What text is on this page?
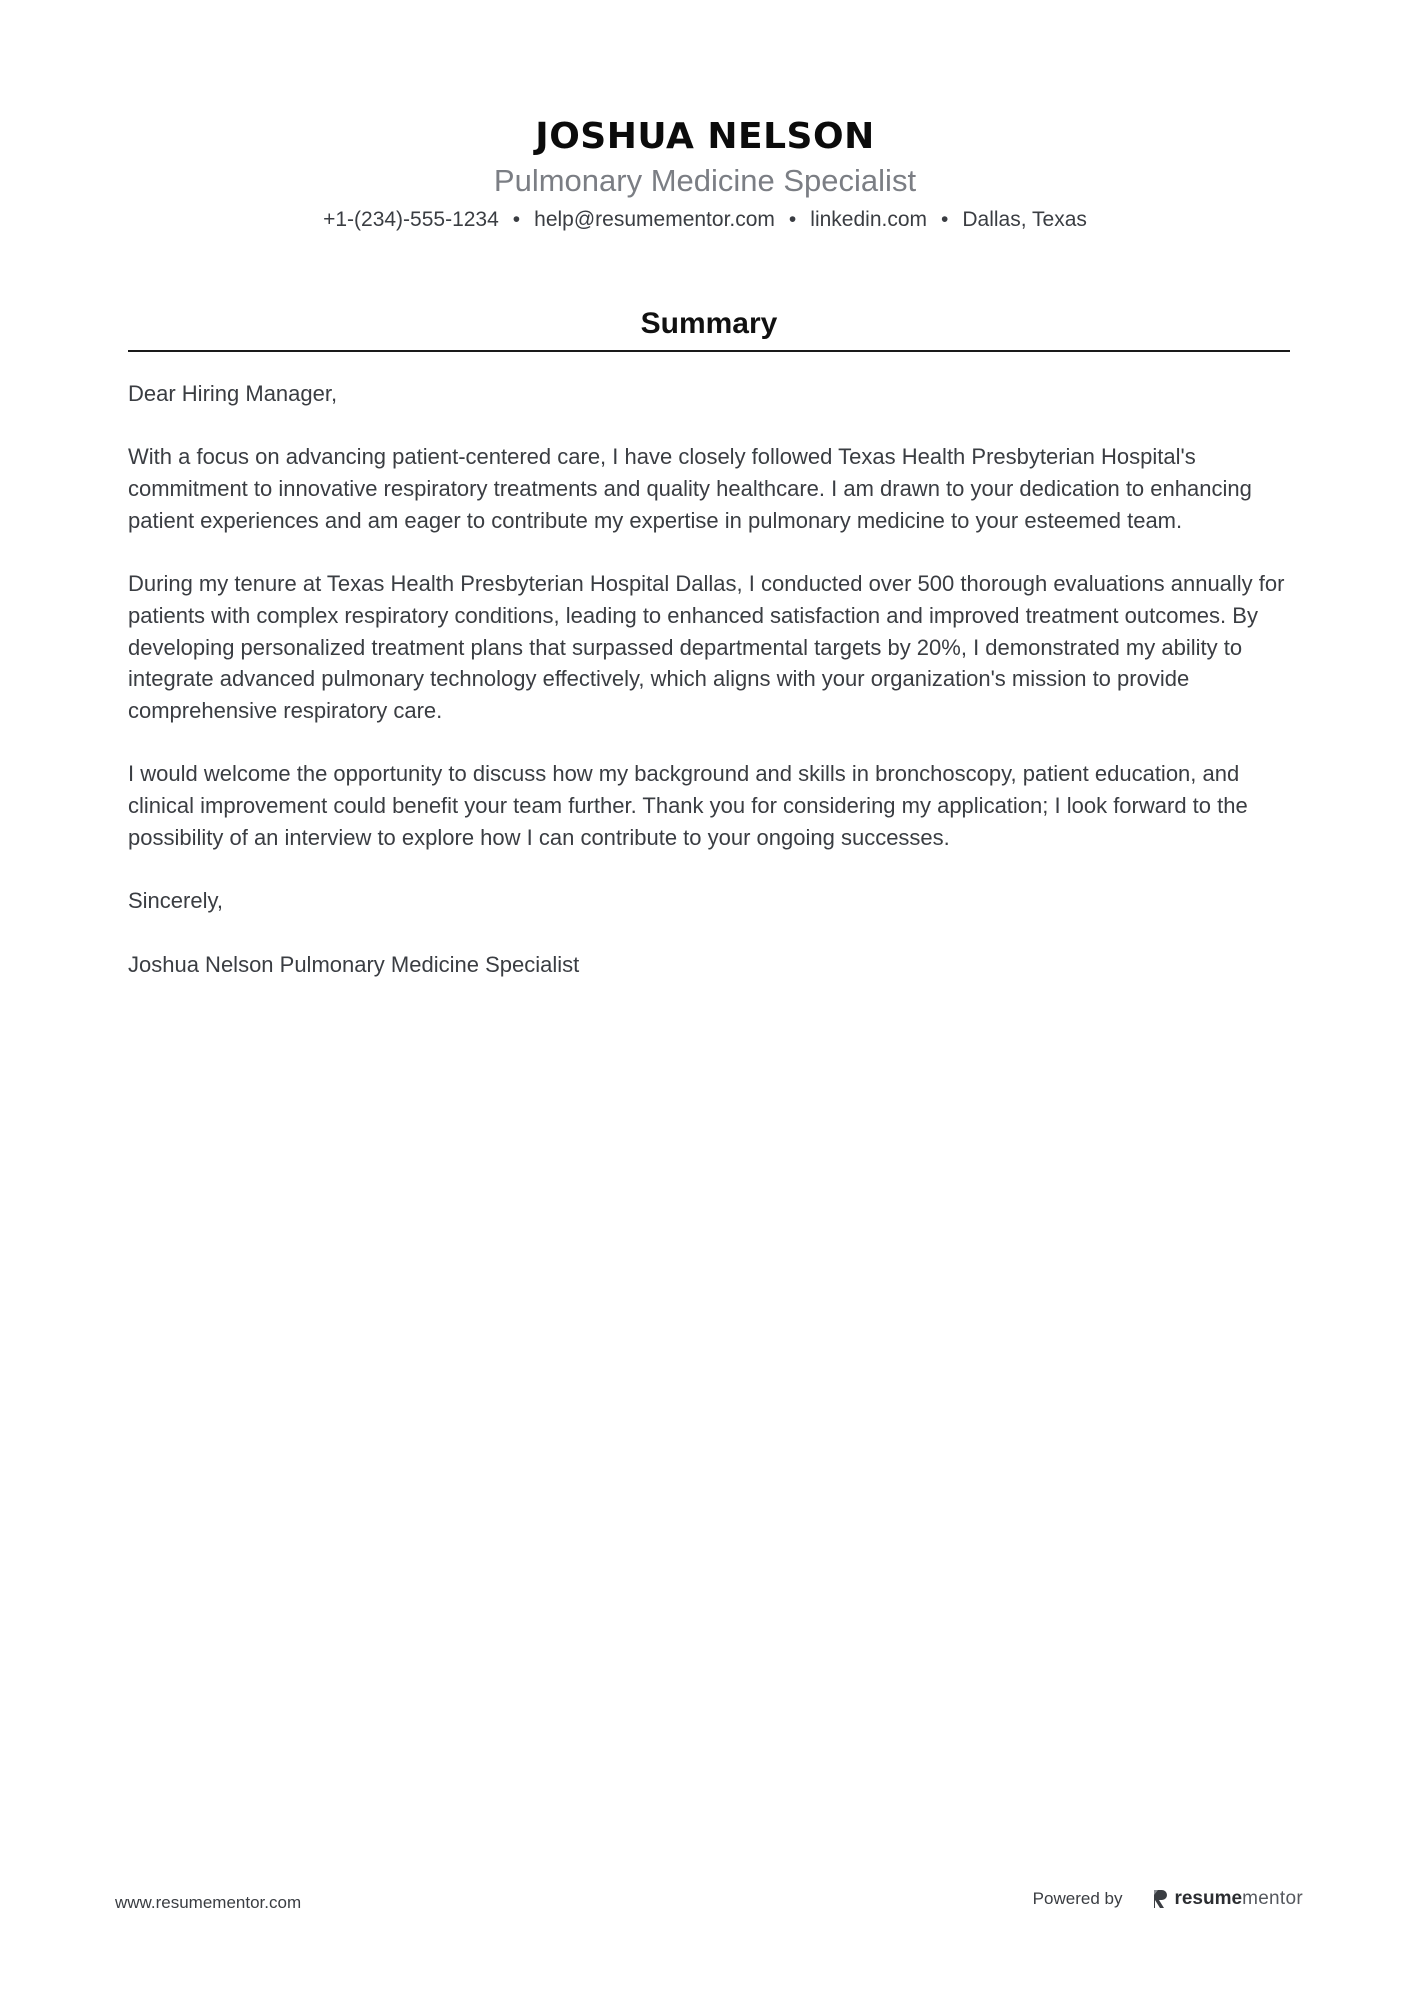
JOSHUA NELSON
Pulmonary Medicine Specialist
+1-(234)-555-1234 • help@resumementor.com • linkedin.com • Dallas, Texas
Summary

Dear Hiring Manager,

With a focus on advancing patient-centered care, I have closely followed Texas Health Presbyterian Hospital's commitment to innovative respiratory treatments and quality healthcare. I am drawn to your dedication to enhancing patient experiences and am eager to contribute my expertise in pulmonary medicine to your esteemed team.

During my tenure at Texas Health Presbyterian Hospital Dallas, I conducted over 500 thorough evaluations annually for patients with complex respiratory conditions, leading to enhanced satisfaction and improved treatment outcomes. By developing personalized treatment plans that surpassed departmental targets by 20%, I demonstrated my ability to integrate advanced pulmonary technology effectively, which aligns with your organization's mission to provide comprehensive respiratory care.

I would welcome the opportunity to discuss how my background and skills in bronchoscopy, patient education, and clinical improvement could benefit your team further. Thank you for considering my application; I look forward to the possibility of an interview to explore how I can contribute to your ongoing successes.

Sincerely,

Joshua Nelson Pulmonary Medicine Specialist

www.resumementor.com	Powered by	resume mentor
